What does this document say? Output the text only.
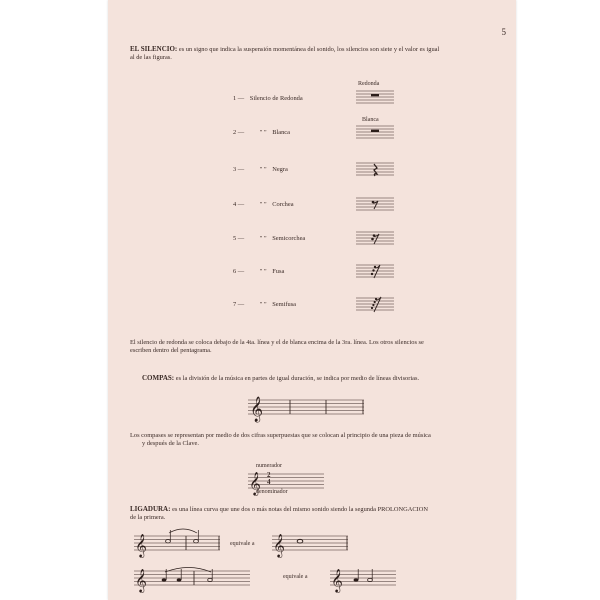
5
EL SILENCIO: es un signo que indica la suspensión momentánea del sonido, los silencios son siete y el valor es igual
al de las figuras.
1 — Silencio de Redonda
2 — " " Blanca
3 — " " Negra
4 — " " Corchea
5 — " " Semicorchea
6 — " " Fusa
7 — " " Semifusa
Redonda
Blanca
El silencio de redonda se coloca debajo de la 4ta. línea y el de blanca encima de la 3ra. línea. Los otros silencios se
escriben dentro del pentagrama.
COMPAS: es la división de la música en partes de igual duración, se indica por medio de líneas divisorias.
𝄞
Los compases se representan por medio de dos cifras superpuestas que se colocan al principio de una pieza de música
y después de la Clave.
numerador
denominador
𝄞 2
4
LIGADURA: es una línea curva que une dos o más notas del mismo sonido siendo la segunda PROLONGACION
de la primera.
𝄞	equivale a 𝄞
𝄞	equivale a 𝄞
